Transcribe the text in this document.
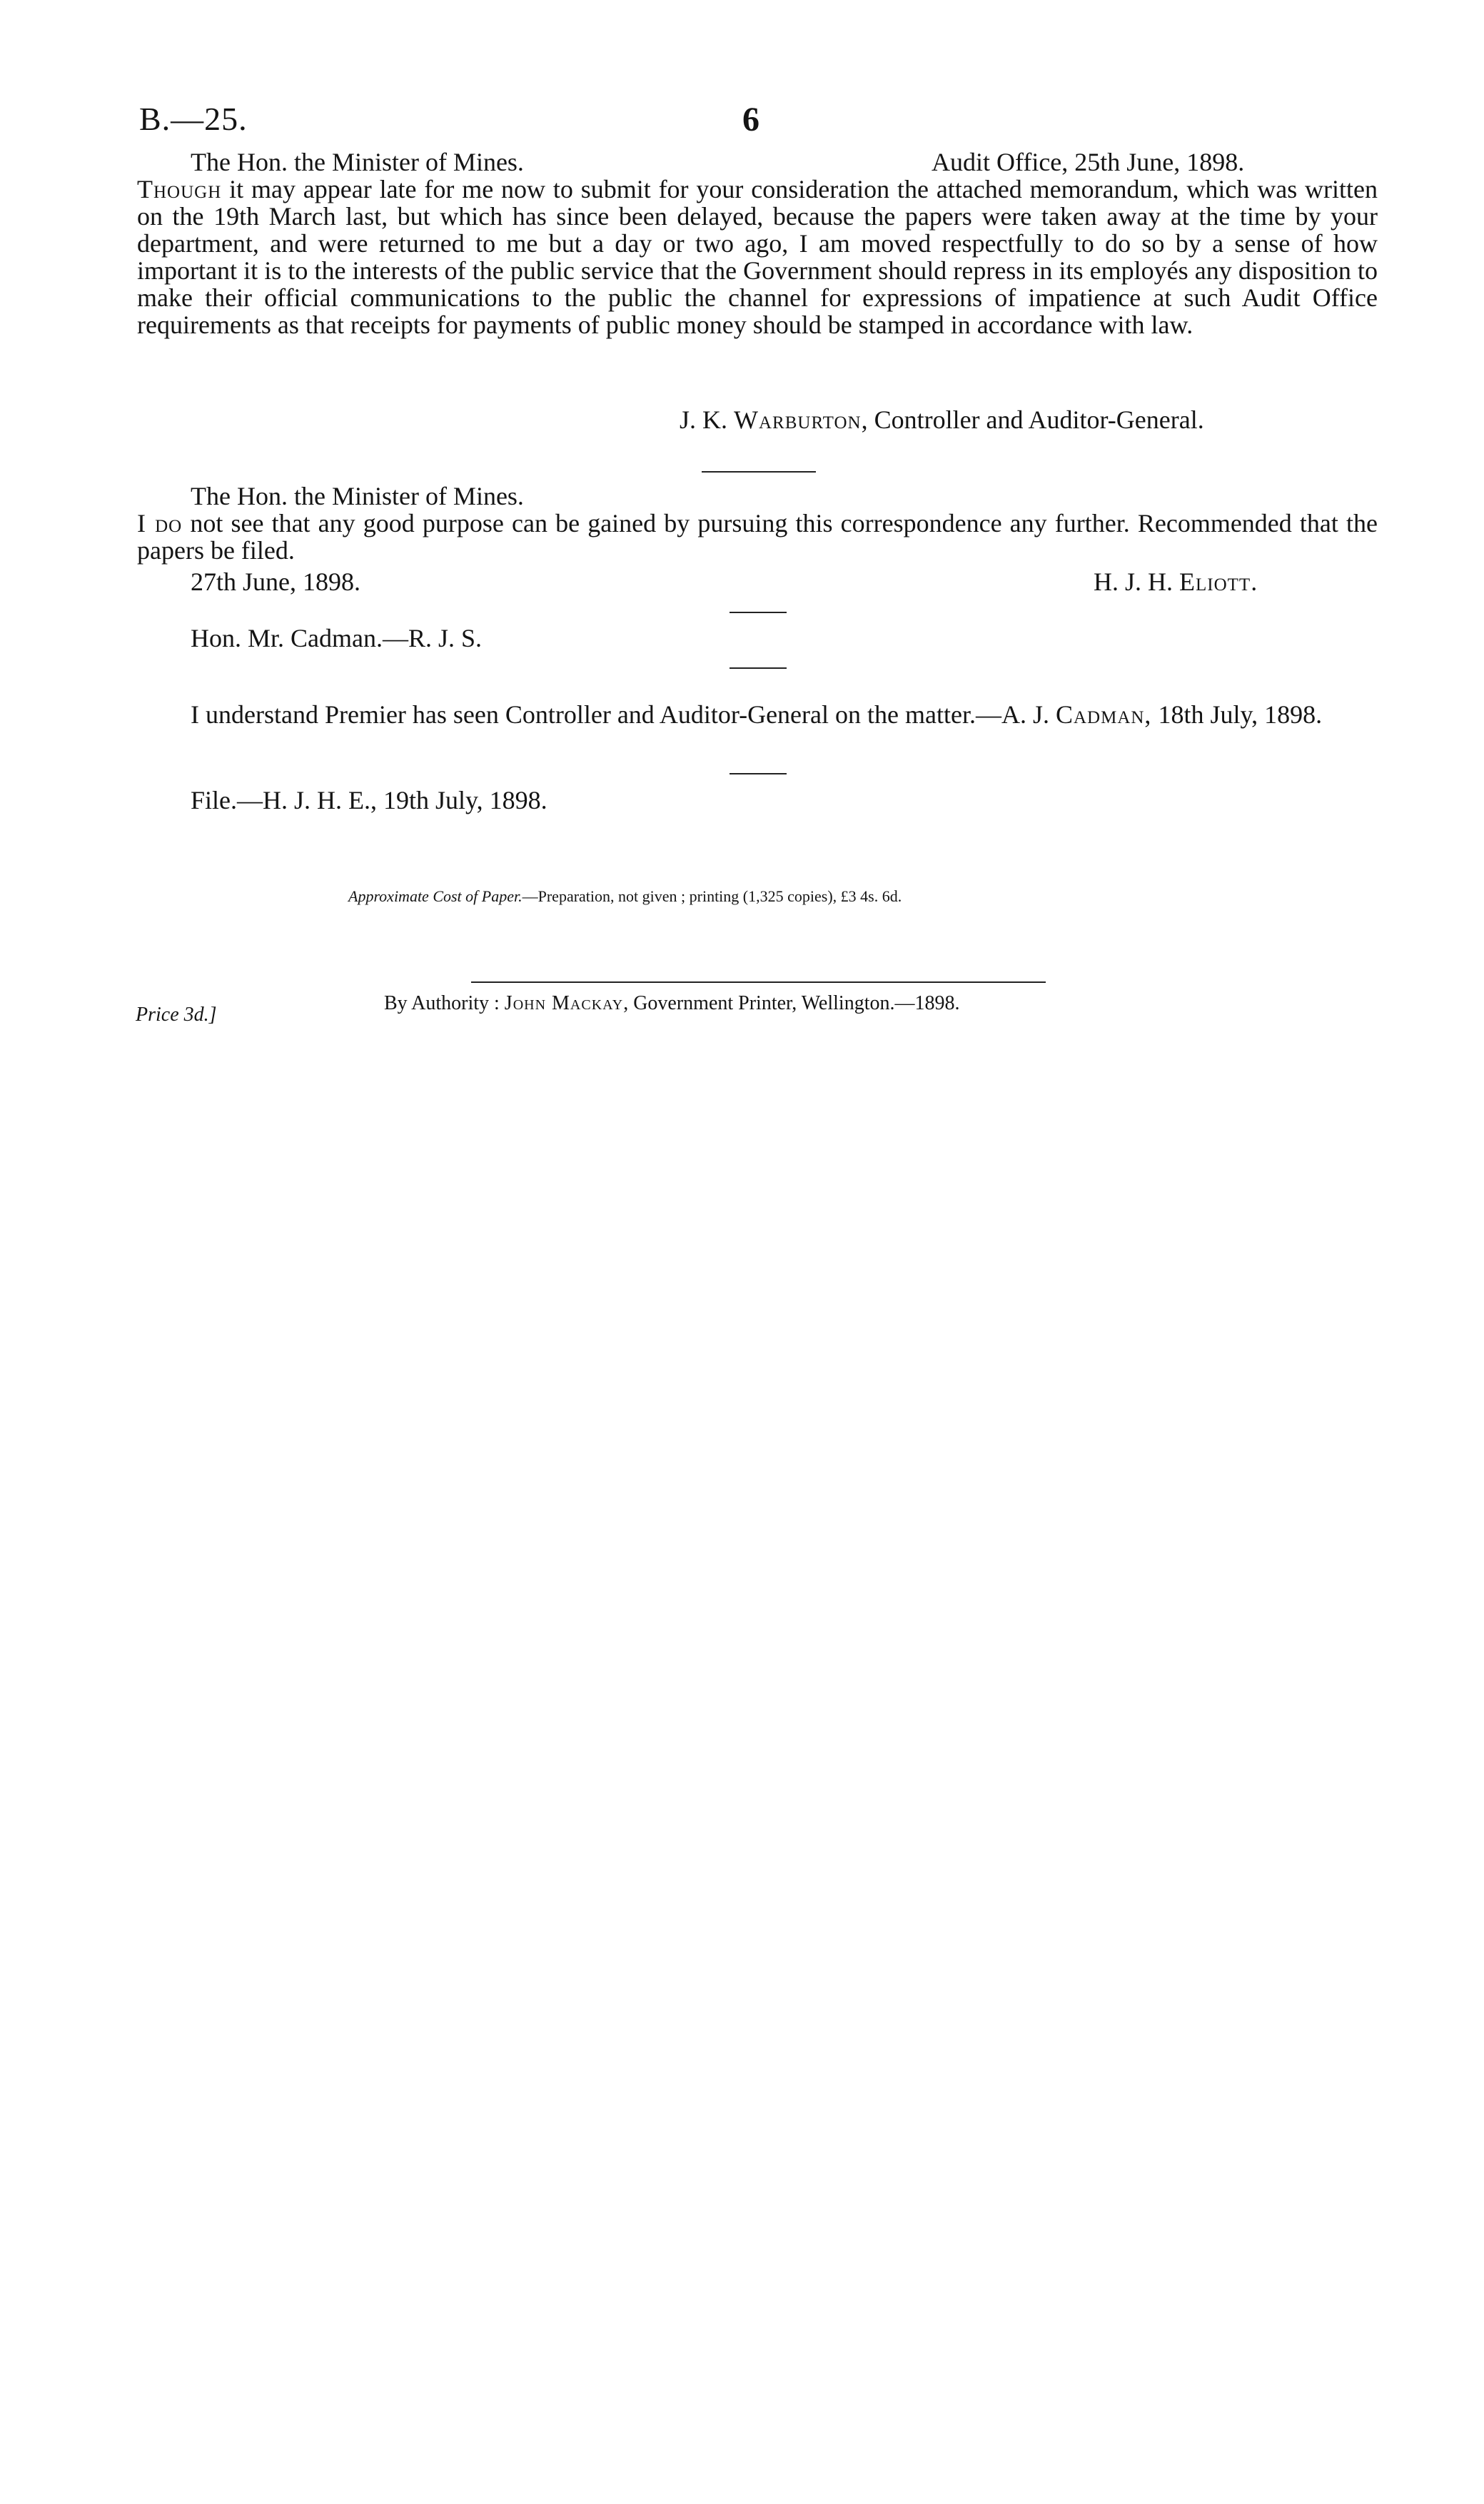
B.—25.	6
The Hon. the Minister of Mines.	Audit Office, 25th June, 1898.
Though it may appear late for me now to submit for your consideration the attached memorandum, which was written on the 19th March last, but which has since been delayed, because the papers were taken away at the time by your department, and were returned to me but a day or two ago, I am moved respectfully to do so by a sense of how important it is to the interests of the public service that the Government should repress in its employés any disposition to make their official communications to the public the channel for expressions of impatience at such Audit Office requirements as that receipts for payments of public money should be stamped in accordance with law.
J. K. Warburton, Controller and Auditor-General.
The Hon. the Minister of Mines.
I do not see that any good purpose can be gained by pursuing this correspondence any further. Recommended that the papers be filed.
27th June, 1898.	H. J. H. Eliott.
Hon. Mr. Cadman.—R. J. S.
I understand Premier has seen Controller and Auditor-General on the matter.—A. J. Cadman, 18th July, 1898.
File.—H. J. H. E., 19th July, 1898.
Approximate Cost of Paper.—Preparation, not given ; printing (1,325 copies), £3 4s. 6d.
By Authority : John Mackay, Government Printer, Wellington.—1898.
Price 3d.]
